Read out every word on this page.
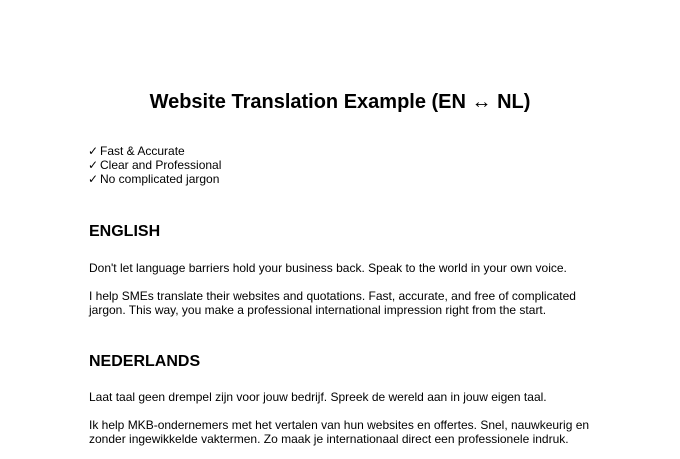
Website Translation Example (EN ↔ NL)
✓ Fast & Accurate
✓ Clear and Professional
✓ No complicated jargon
ENGLISH
Don't let language barriers hold your business back. Speak to the world in your own voice.
I help SMEs translate their websites and quotations. Fast, accurate, and free of complicated jargon. This way, you make a professional international impression right from the start.
NEDERLANDS
Laat taal geen drempel zijn voor jouw bedrijf. Spreek de wereld aan in jouw eigen taal.
Ik help MKB-ondernemers met het vertalen van hun websites en offertes. Snel, nauwkeurig en zonder ingewikkelde vaktermen. Zo maak je internationaal direct een professionele indruk.
